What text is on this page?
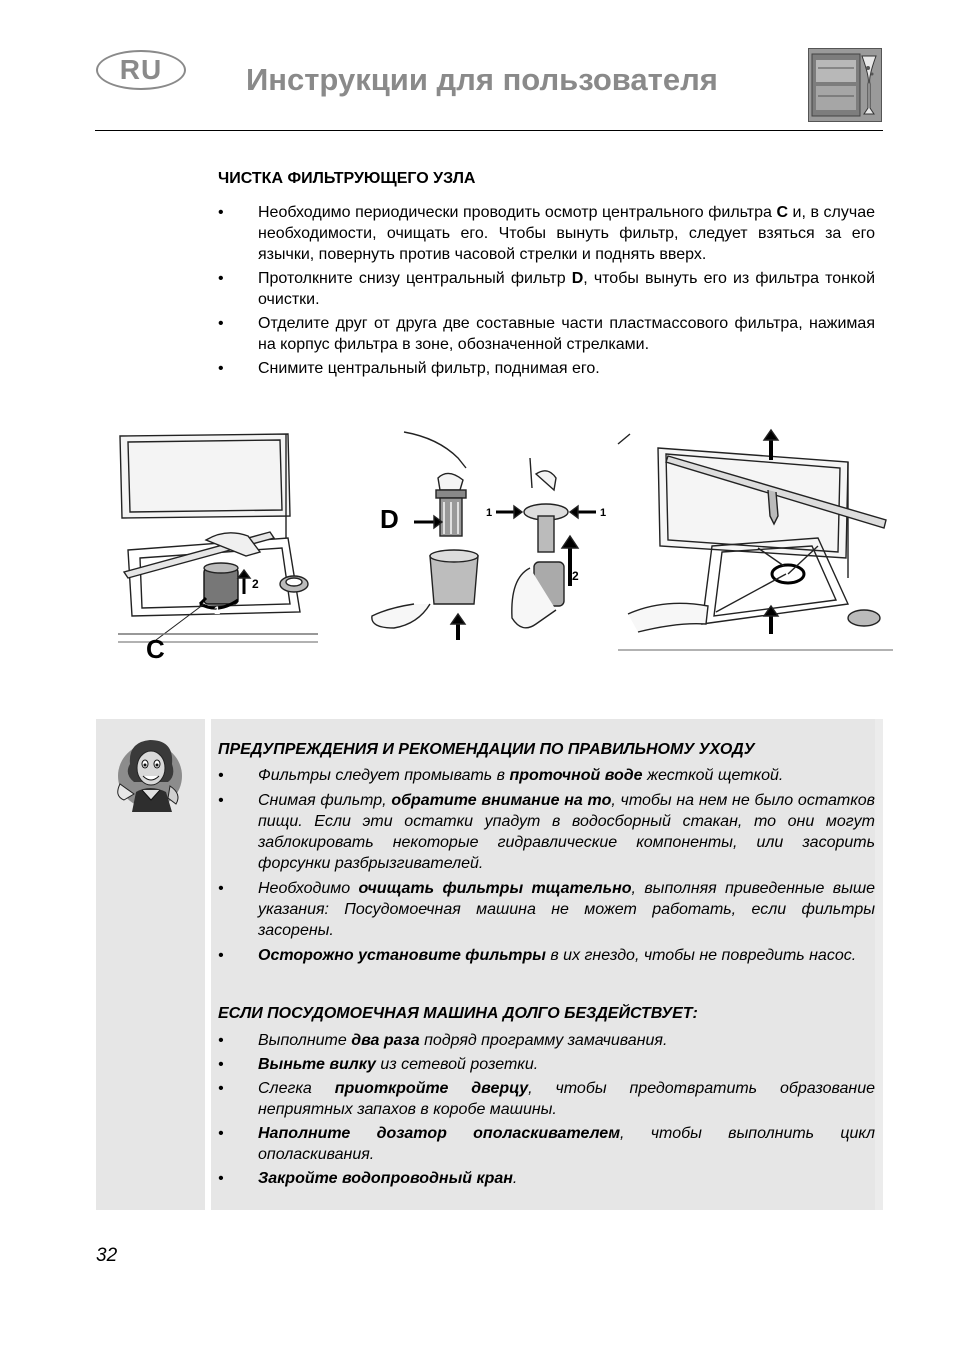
RU	Инструкции для пользователя
ЧИСТКА ФИЛЬТРУЮЩЕГО УЗЛА
• Необходимо периодически проводить осмотр центрального фильтра C и, в случае необходимости, очищать его. Чтобы вынуть фильтр, следует взяться за его язычки, повернуть против часовой стрелки и поднять вверх.
• Протолкните снизу центральный фильтр D, чтобы вынуть его из фильтра тонкой очистки.
• Отделите друг от друга две составные части пластмассового фильтра, нажимая на корпус фильтра в зоне, обозначенной стрелками.
• Снимите центральный фильтр, поднимая его.
C
D
1
2
1	1
2
ПРЕДУПРЕЖДЕНИЯ И РЕКОМЕНДАЦИИ ПО ПРАВИЛЬНОМУ УХОДУ
• Фильтры следует промывать в проточной воде жесткой щеткой.
• Снимая фильтр, обратите внимание на то, чтобы на нем не было остатков пищи. Если эти остатки упадут в водосборный стакан, то они могут заблокировать некоторые гидравлические компоненты, или засорить форсунки разбрызгивателей.
• Необходимо очищать фильтры тщательно, выполняя приведенные выше указания: Посудомоечная машина не может работать, если фильтры засорены.
• Осторожно установите фильтры в их гнездо, чтобы не повредить насос.
ЕСЛИ ПОСУДОМОЕЧНАЯ МАШИНА ДОЛГО БЕЗДЕЙСТВУЕТ:
• Выполните два раза подряд программу замачивания.
• Выньте вилку из сетевой розетки.
• Слегка приоткройте дверцу, чтобы предотвратить образование неприятных запахов в коробе машины.
• Наполните дозатор ополаскивателем, чтобы выполнить цикл ополаскивания.
• Закройте водопроводный кран.
32
